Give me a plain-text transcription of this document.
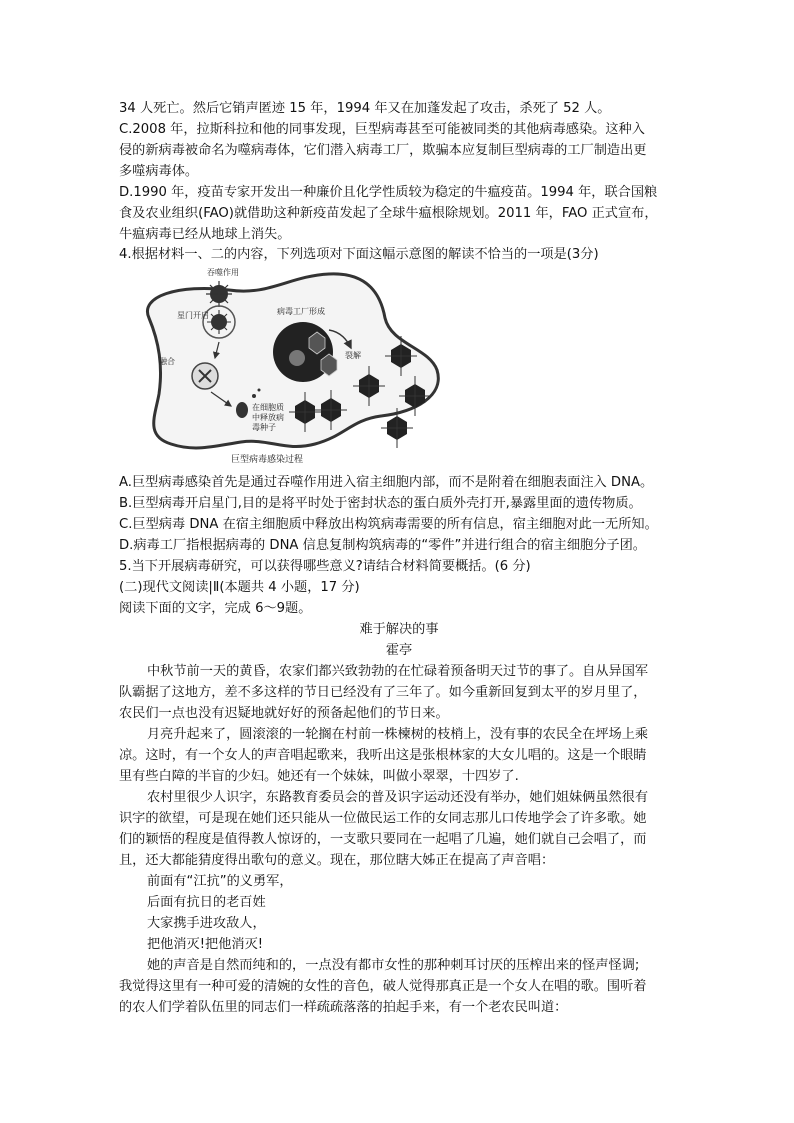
34 人死亡。然后它销声匿迹 15 年，1994 年又在加蓬发起了攻击，杀死了 52 人。
C.2008 年，拉斯科拉和他的同事发现，巨型病毒甚至可能被同类的其他病毒感染。这种入
侵的新病毒被命名为噬病毒体，它们潜入病毒工厂，欺骗本应复制巨型病毒的工厂制造出更
多噬病毒体。
D.1990 年，疫苗专家开发出一种廉价且化学性质较为稳定的牛瘟疫苗。1994 年，联合国粮
食及农业组织(FAO)就借助这种新疫苗发起了全球牛瘟根除规划。2011 年，FAO 正式宣布，
牛瘟病毒已经从地球上消失。
4.根据材料一、二的内容，下列选项对下面这幅示意图的解读不恰当的一项是(3分)
吞噬作用
星门开启
融合
在细胞质
中释放病
毒种子
病毒工厂形成
裂解
巨型病毒感染过程
A.巨型病毒感染首先是通过吞噬作用进入宿主细胞内部，而不是附着在细胞表面注入 DNA。
B.巨型病毒开启星门,目的是将平时处于密封状态的蛋白质外壳打开,暴露里面的遗传物质。
C.巨型病毒 DNA 在宿主细胞质中释放出构筑病毒需要的所有信息，宿主细胞对此一无所知。
D.病毒工厂指根据病毒的 DNA 信息复制构筑病毒的“零件”并进行组合的宿主细胞分子团。
5.当下开展病毒研究，可以获得哪些意义?请结合材料简要概括。(6 分)
(二)现代文阅读|Ⅱ(本题共 4 小题，17 分)
阅读下面的文字，完成 6～9题。
难于解决的事
霍亭
中秋节前一天的黄昏，农家们都兴致勃勃的在忙碌着预备明天过节的事了。自从异国军
队霸据了这地方，差不多这样的节日已经没有了三年了。如今重新回复到太平的岁月里了，
农民们一点也没有迟疑地就好好的预备起他们的节日来。
月亮升起来了，圆滚滚的一轮搁在村前一株楝树的枝梢上，没有事的农民全在坪场上乘
凉。这时，有一个女人的声音唱起歌来，我听出这是张根林家的大女儿唱的。这是一个眼睛
里有些白障的半盲的少妇。她还有一个妹妹，叫做小翠翠，十四岁了.
农村里很少人识字，东路教育委员会的普及识字运动还没有举办，她们姐妹俩虽然很有
识字的欲望，可是现在她们还只能从一位做民运工作的女同志那儿口传地学会了许多歌。她
们的颖悟的程度是值得教人惊讶的，一支歌只要同在一起唱了几遍，她们就自己会唱了，而
且，还大都能猜度得出歌句的意义。现在，那位瞎大姊正在提高了声音唱：
前面有“江抗”的义勇军，
后面有抗日的老百姓
大家携手进攻敌人，
把他消灭!把他消灭!
她的声音是自然而纯和的，一点没有都市女性的那种刺耳讨厌的压榨出来的怪声怪调;
我觉得这里有一种可爱的清婉的女性的音色，破人觉得那真正是一个女人在唱的歌。围听着
的农人们学着队伍里的同志们一样疏疏落落的拍起手来，有一个老农民叫道：
